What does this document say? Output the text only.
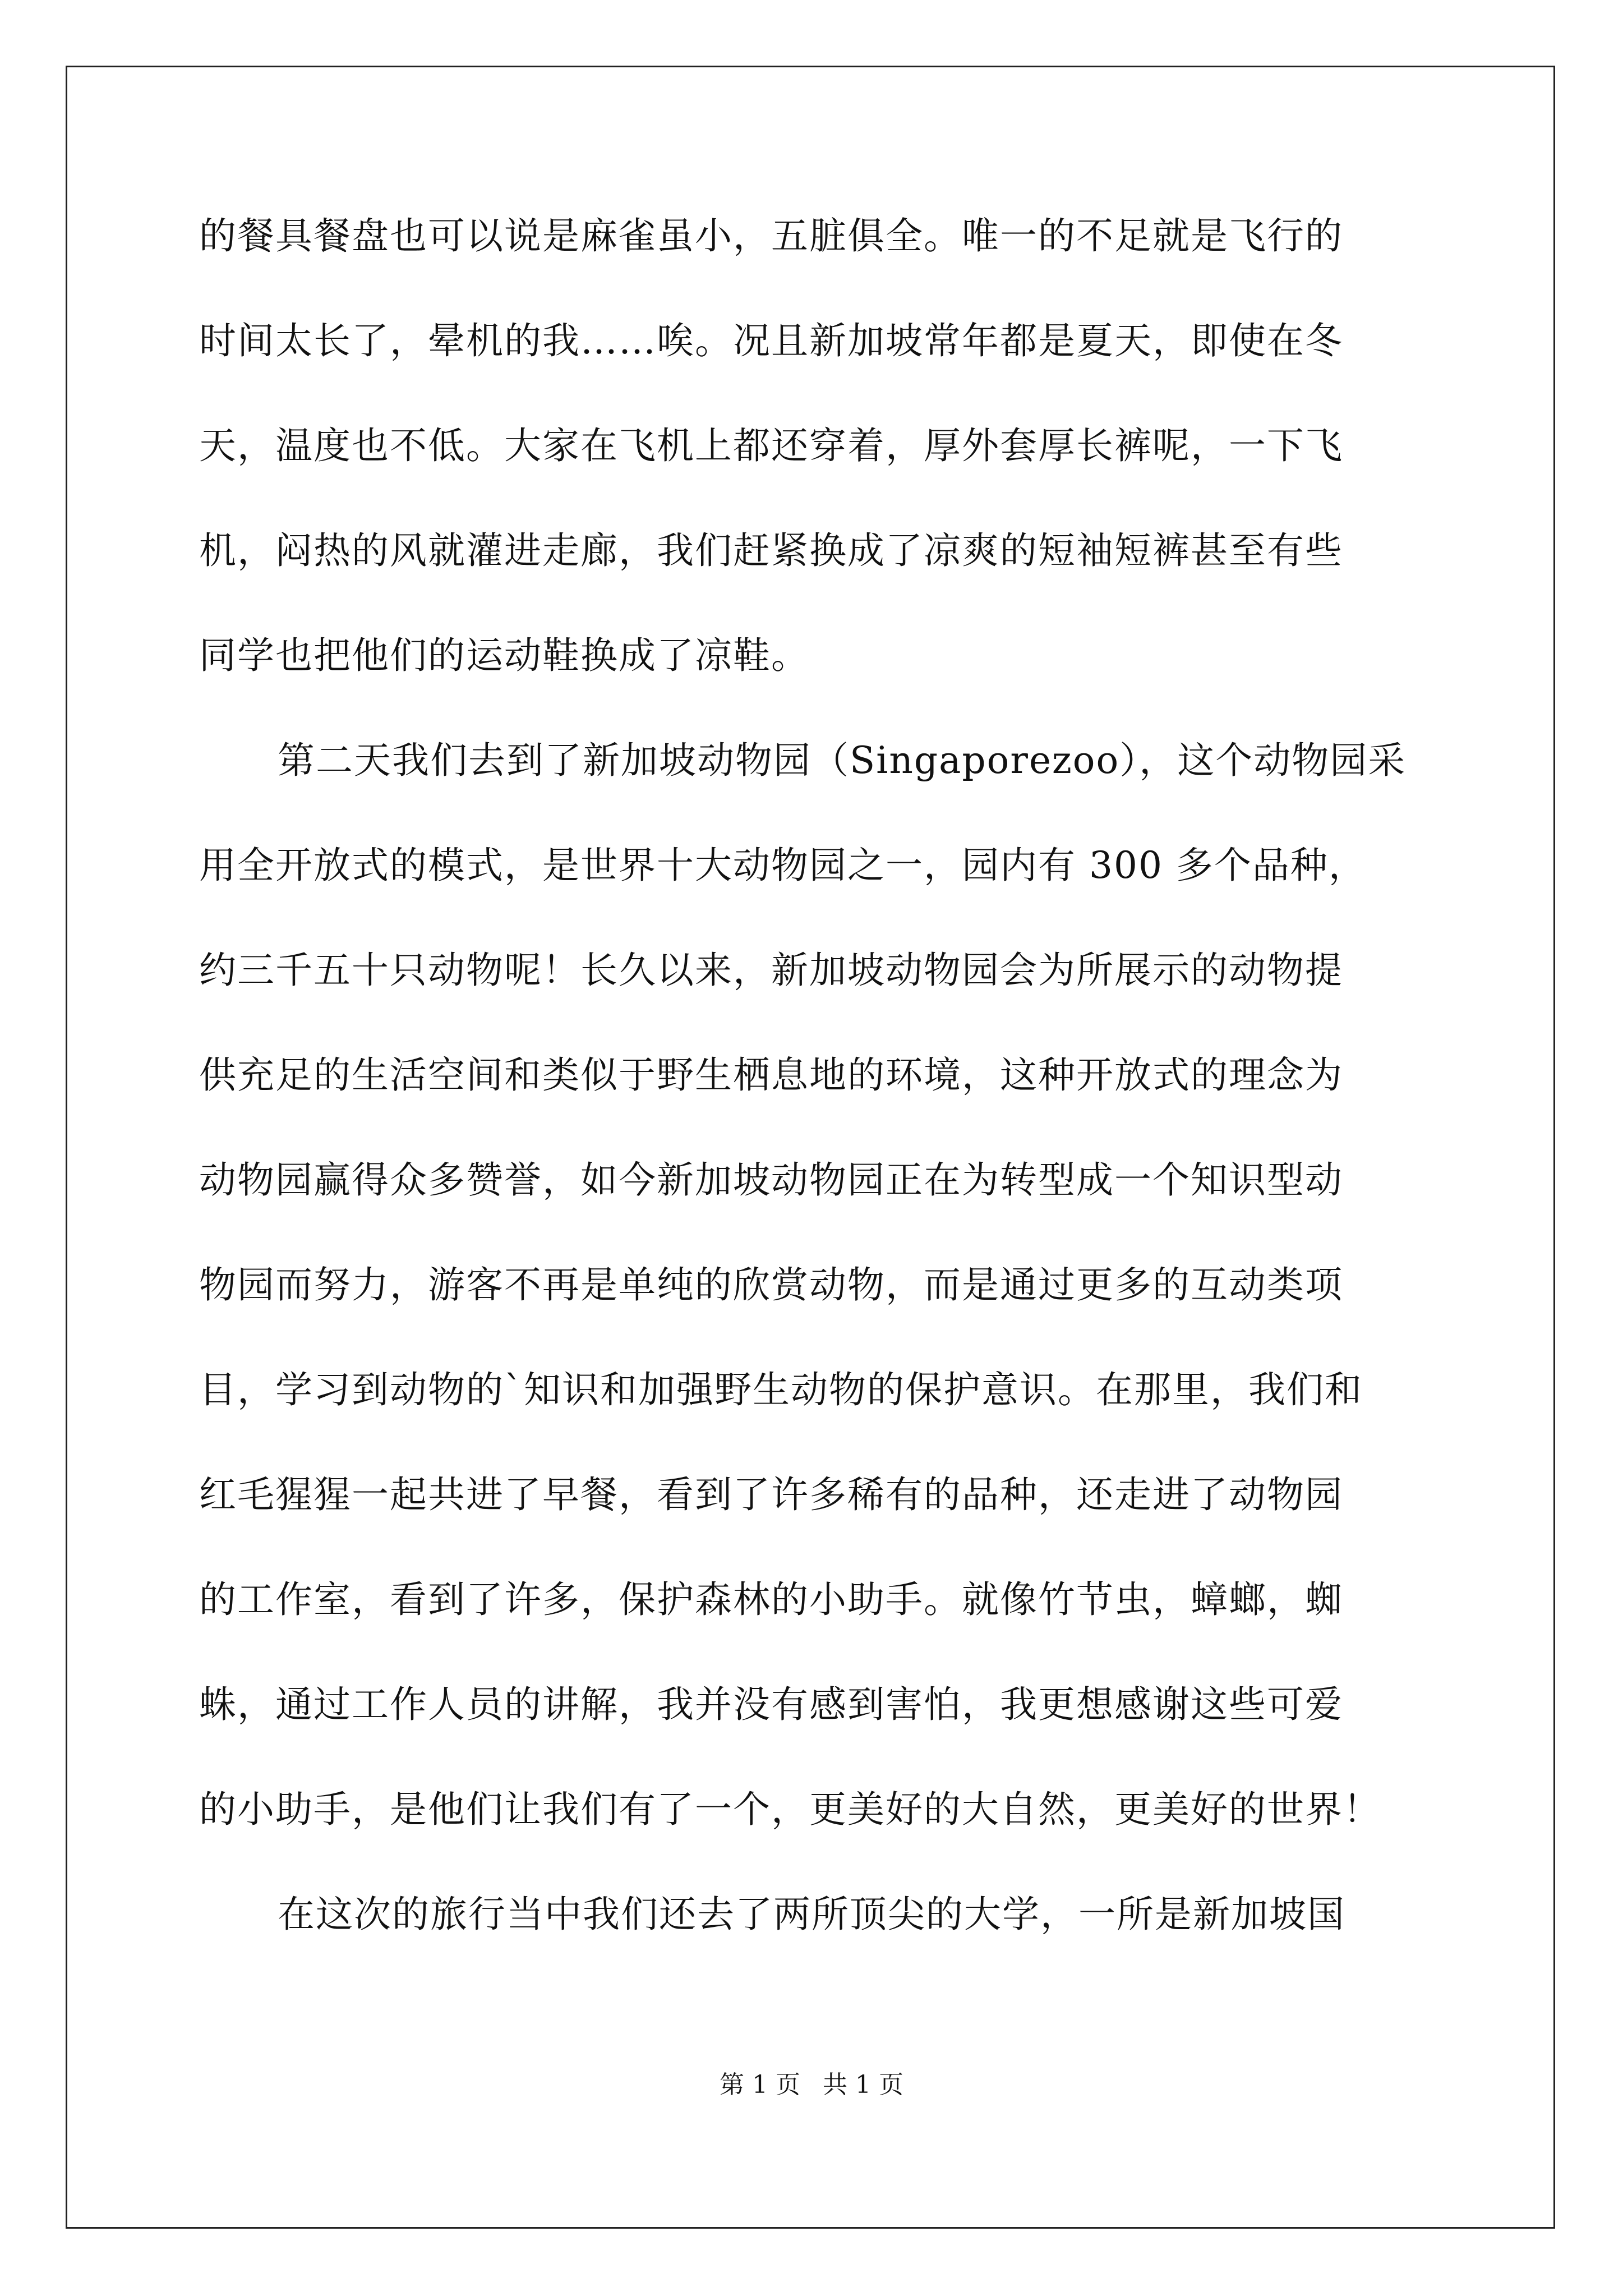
的餐具餐盘也可以说是麻雀虽小，五脏俱全。唯一的不足就是飞行的
时间太长了，晕机的我……唉。况且新加坡常年都是夏天，即使在冬
天，温度也不低。大家在飞机上都还穿着，厚外套厚长裤呢，一下飞
机，闷热的风就灌进走廊，我们赶紧换成了凉爽的短袖短裤甚至有些
同学也把他们的运动鞋换成了凉鞋。
第二天我们去到了新加坡动物园（Singaporezoo），这个动物园采
用全开放式的模式，是世界十大动物园之一，园内有 300 多个品种，
约三千五十只动物呢！长久以来，新加坡动物园会为所展示的动物提
供充足的生活空间和类似于野生栖息地的环境，这种开放式的理念为
动物园赢得众多赞誉，如今新加坡动物园正在为转型成一个知识型动
物园而努力，游客不再是单纯的欣赏动物，而是通过更多的互动类项
目，学习到动物的`知识和加强野生动物的保护意识。在那里，我们和
红毛猩猩一起共进了早餐，看到了许多稀有的品种，还走进了动物园
的工作室，看到了许多，保护森林的小助手。就像竹节虫，蟑螂，蜘
蛛，通过工作人员的讲解，我并没有感到害怕，我更想感谢这些可爱
的小助手，是他们让我们有了一个，更美好的大自然，更美好的世界！
在这次的旅行当中我们还去了两所顶尖的大学，一所是新加坡国
第 1 页 共 1 页
